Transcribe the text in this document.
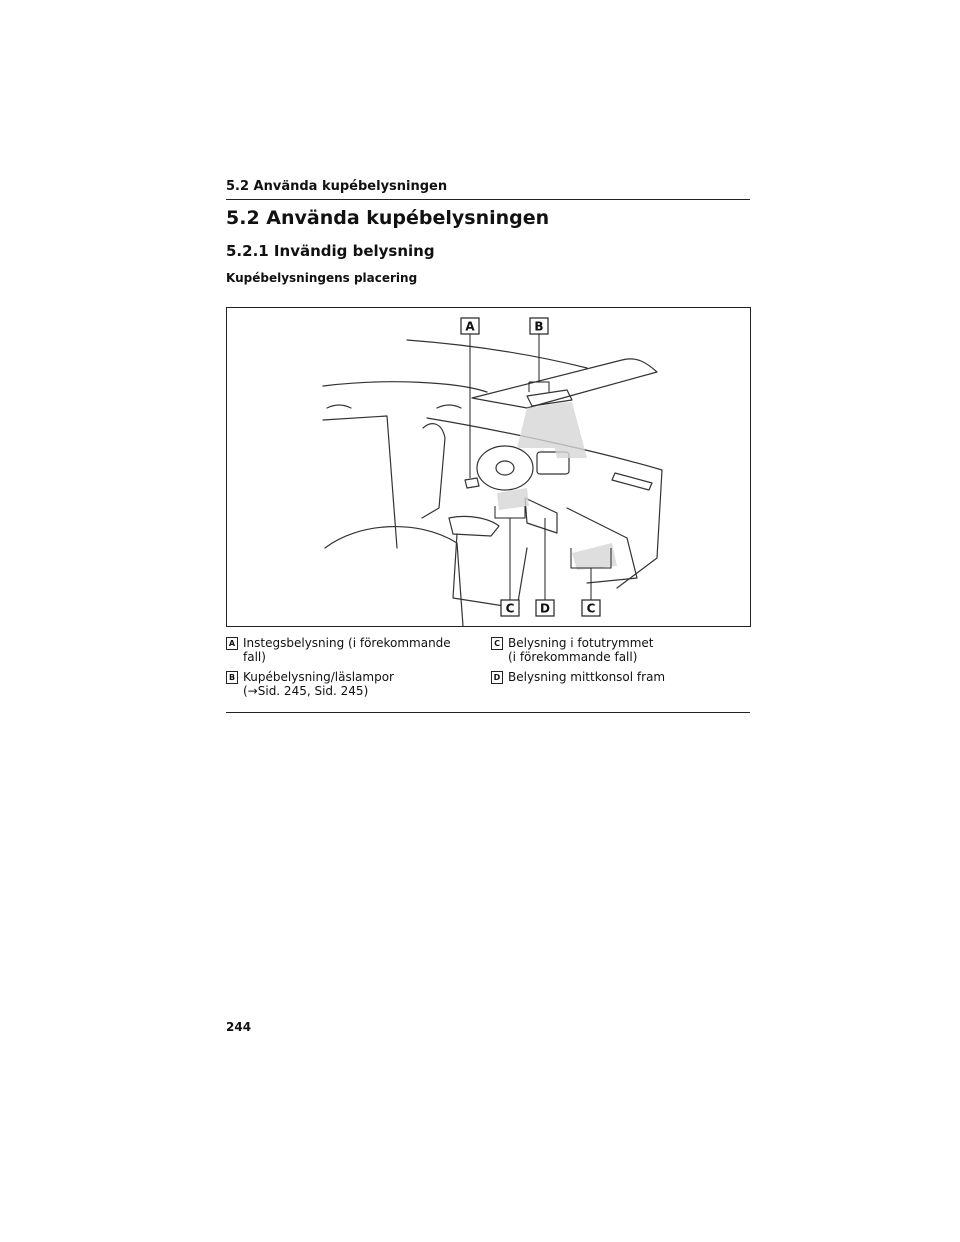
5.2 Använda kupébelysningen
5.2 Använda kupébelysningen
5.2.1 Invändig belysning
Kupébelysningens placering
A	B
C D	C
A Instegsbelysning (i förekommande
fall)
B Kupébelysning/läslampor
(→Sid. 245, Sid. 245)
C Belysning i fotutrymmet
(i förekommande fall)
D Belysning mittkonsol fram
244
